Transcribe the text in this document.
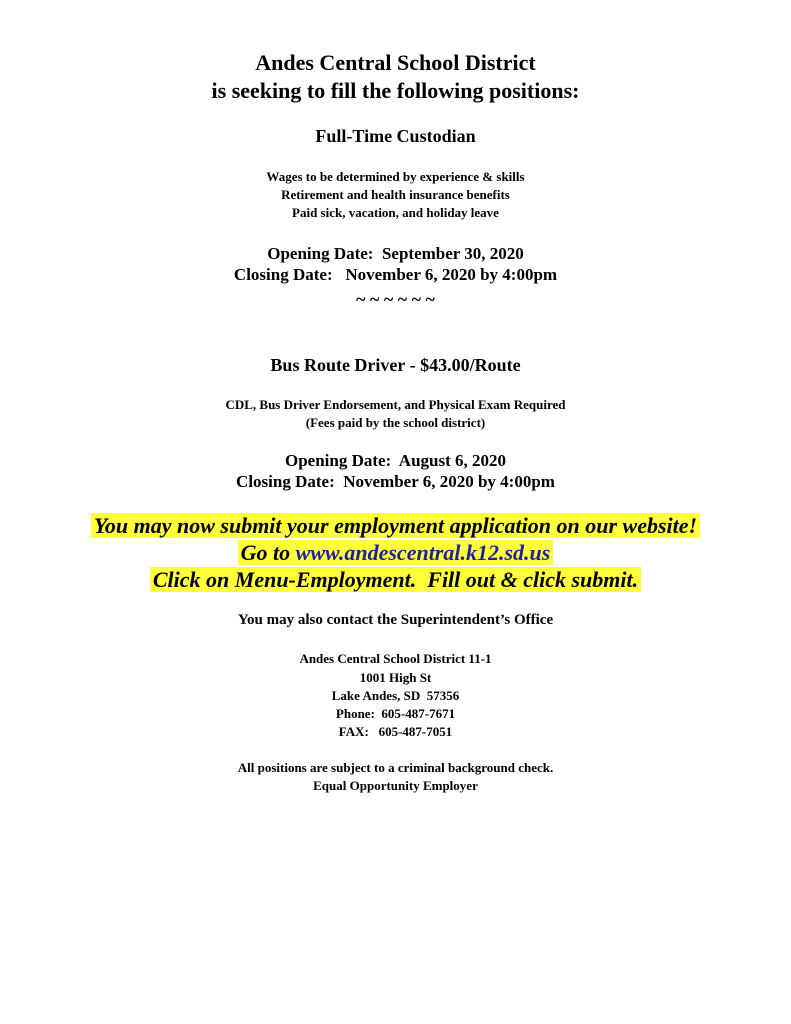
Andes Central School District

is seeking to fill the following positions:

Full-Time Custodian

Wages to be determined by experience & skills

Retirement and health insurance benefits

Paid sick, vacation, and holiday leave

Opening Date:  September 30, 2020

Closing Date:   November 6, 2020 by 4:00pm

~ ~ ~ ~ ~ ~

Bus Route Driver - $43.00/Route

CDL, Bus Driver Endorsement, and Physical Exam Required

(Fees paid by the school district)

Opening Date:  August 6, 2020

Closing Date:  November 6, 2020 by 4:00pm

You may now submit your employment application on our website!
Go to www.andescentral.k12.sd.us
Click on Menu-Employment.  Fill out & click submit.

You may also contact the Superintendent’s Office

Andes Central School District 11-1

1001 High St

Lake Andes, SD  57356

Phone:  605-487-7671

FAX:   605-487-7051

All positions are subject to a criminal background check.

Equal Opportunity Employer
